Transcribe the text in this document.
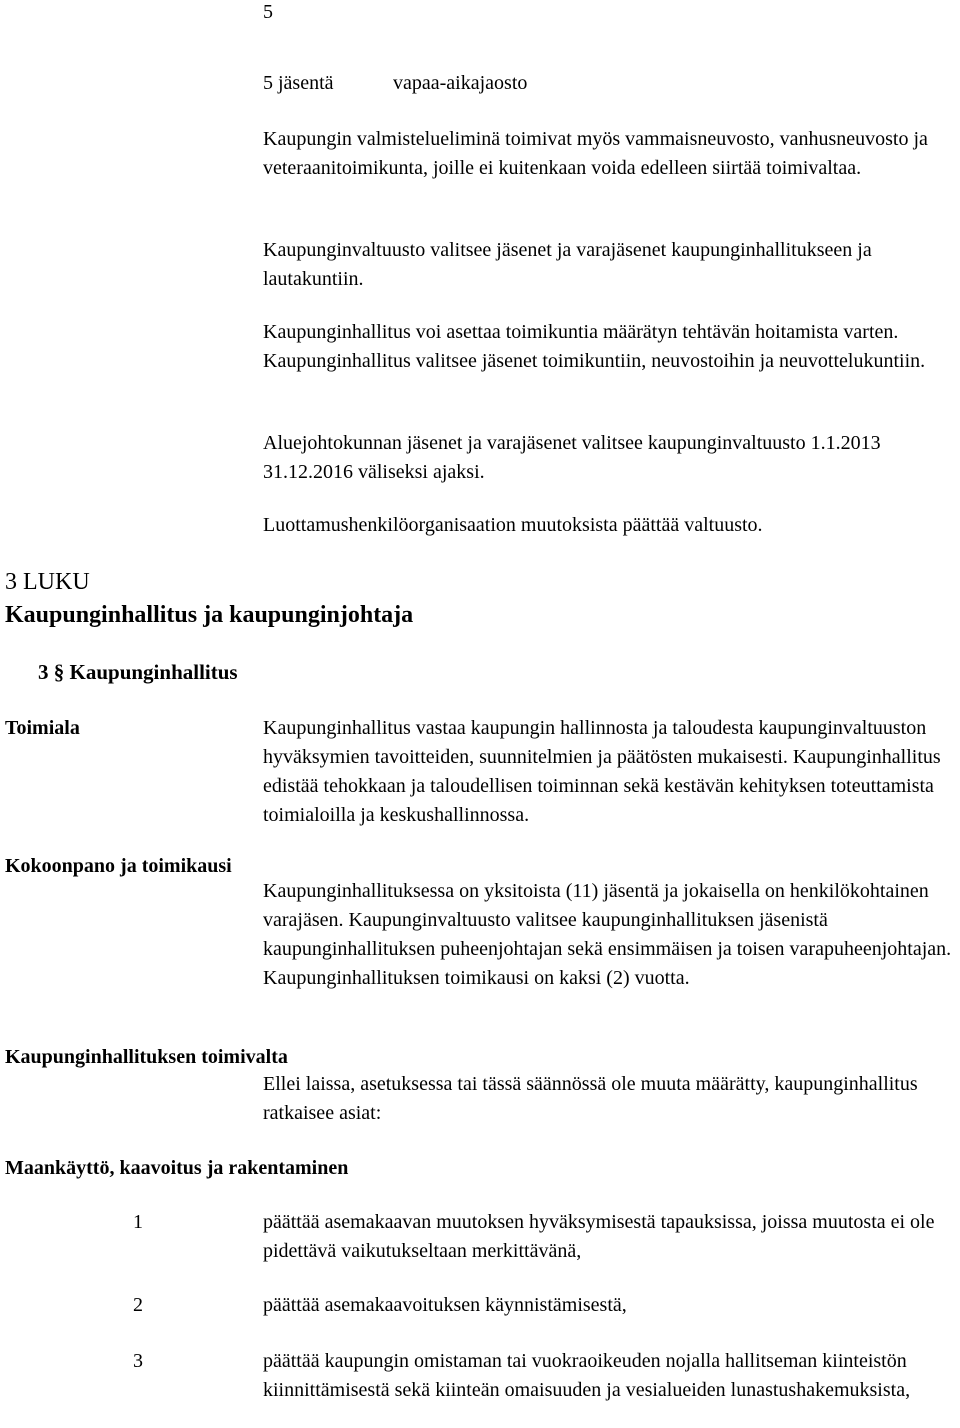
5
5 jäsentä	vapaa-aikajaosto

Kaupungin valmistelueliminä toimivat myös vammaisneuvosto, vanhusneuvosto ja veteraanitoimikunta, joille ei kuitenkaan voida edelleen siirtää toimivaltaa.

Kaupunginvaltuusto valitsee jäsenet ja varajäsenet kaupunginhallitukseen ja lautakuntiin.

Kaupunginhallitus voi asettaa toimikuntia määrätyn tehtävän hoitamista varten. Kaupunginhallitus valitsee jäsenet toimikuntiin, neuvostoihin ja neuvottelukuntiin.

Aluejohtokunnan jäsenet ja varajäsenet valitsee kaupunginvaltuusto 1.1.2013 31.12.2016 väliseksi ajaksi.

Luottamushenkilöorganisaation muutoksista päättää valtuusto.

3 LUKU
Kaupunginhallitus ja kaupunginjohtaja
3 § Kaupunginhallitus
Toimiala	Kaupunginhallitus vastaa kaupungin hallinnosta ja taloudesta kaupunginvaltuuston hyväksymien tavoitteiden, suunnitelmien ja päätösten mukaisesti. Kaupunginhallitus edistää tehokkaan ja taloudellisen toiminnan sekä kestävän kehityksen toteuttamista toimialoilla ja keskushallinnossa.

Kokoonpano ja toimikausi

Kaupunginhallituksessa on yksitoista (11) jäsentä ja jokaisella on henkilökohtainen varajäsen. Kaupunginvaltuusto valitsee kaupunginhallituksen jäsenistä kaupunginhallituksen puheenjohtajan sekä ensimmäisen ja toisen varapuheenjohtajan. Kaupunginhallituksen toimikausi on kaksi (2) vuotta.

Kaupunginhallituksen toimivalta

Ellei laissa, asetuksessa tai tässä säännössä ole muuta määrätty, kaupunginhallitus ratkaisee asiat:

Maankäyttö, kaavoitus ja rakentaminen
1	päättää asemakaavan muutoksen hyväksymisestä tapauksissa, joissa muutosta ei ole pidettävä vaikutukseltaan merkittävänä,
2	päättää asemakaavoituksen käynnistämisestä,
3	päättää kaupungin omistaman tai vuokraoikeuden nojalla hallitseman kiinteistön kiinnittämisestä sekä kiinteän omaisuuden ja vesialueiden lunastushakemuksista,
